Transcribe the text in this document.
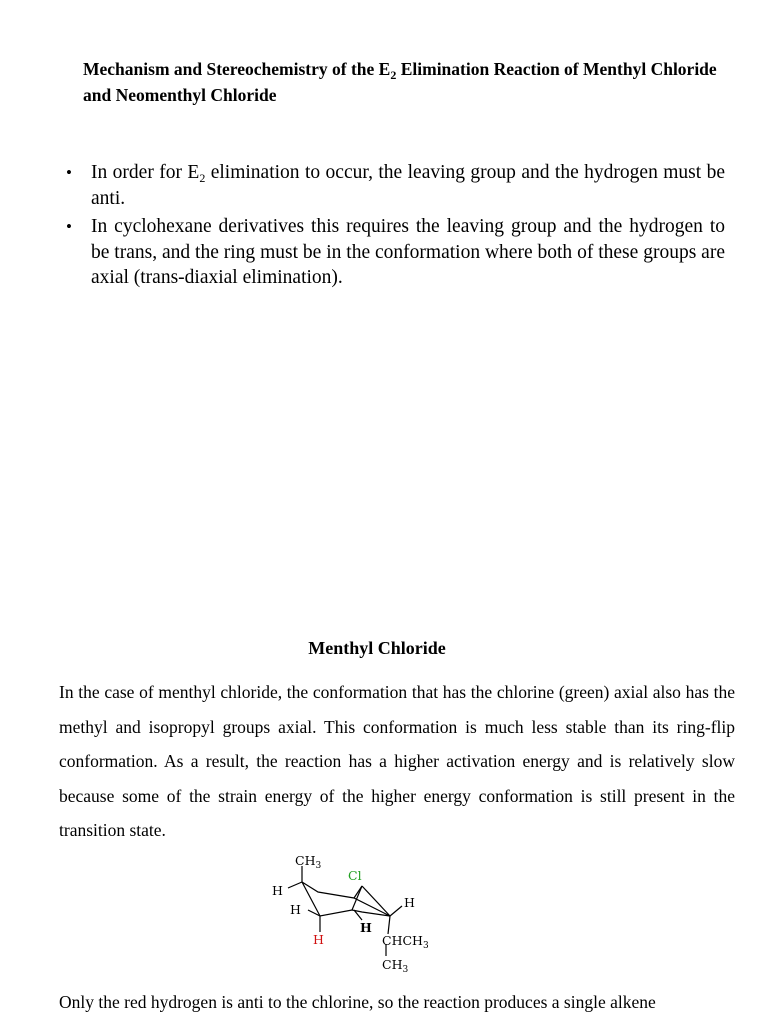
Mechanism and Stereochemistry of the $E_2$ Elimination Reaction of Menthyl Chloride and Neomenthyl Chloride
• In order for $E_2$ elimination to occur, the leaving group and the hydrogen must be anti.
• In cyclohexane derivatives this requires the leaving group and the hydrogen to be trans, and the ring must be in the conformation where both of these groups are axial (trans-diaxial elimination).
Menthyl Chloride

In the case of menthyl chloride, the conformation that has the chlorine (green) axial also has the methyl and isopropyl groups axial. This conformation is much less stable than its ring-flip conformation. As a result, the reaction has a higher activation energy and is relatively slow because some of the strain energy of the higher energy conformation is still present in the transition state.

$CH_3$
Cl
H
H
H
H
H
$CHCH_3$
$CH_3$

Only the red hydrogen is anti to the chlorine, so the reaction produces a single alkene
